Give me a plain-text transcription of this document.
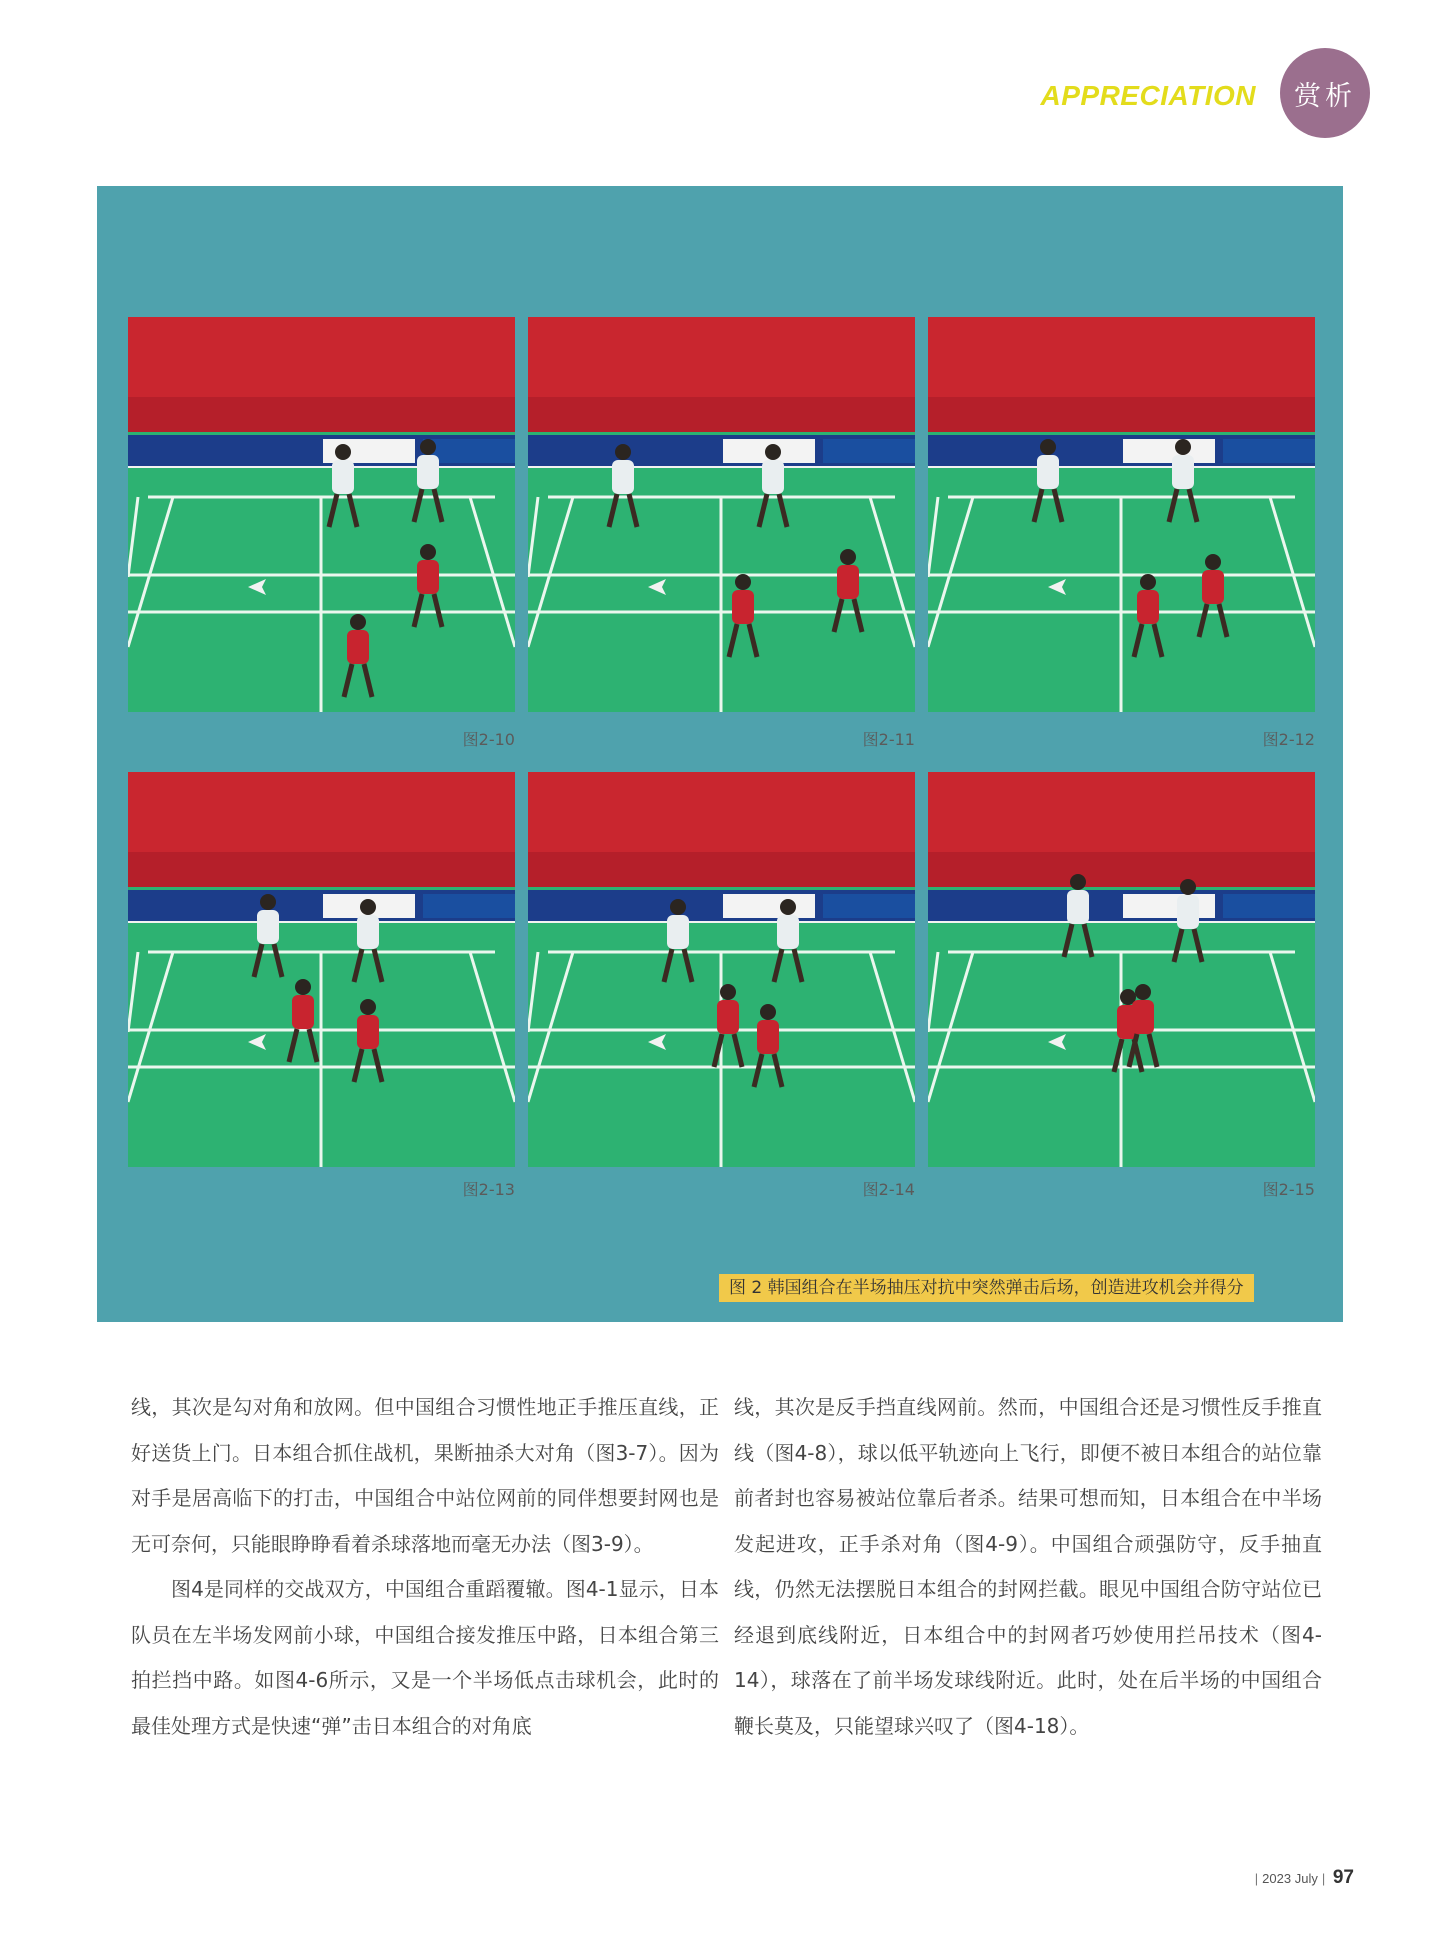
APPRECIATION	赏析
图2-10	图2-11	图2-12
图2-13	图2-14	图2-15
图 2 韩国组合在半场抽压对抗中突然弹击后场，创造进攻机会并得分

线，其次是勾对角和放网。但中国组合习惯性地正手推压直线，正好送货上门。日本组合抓住战机，果断抽杀大对角（图3-7）。因为对手是居高临下的打击，中国组合中站位网前的同伴想要封网也是无可奈何，只能眼睁睁看着杀球落地而毫无办法（图3-9）。

图4是同样的交战双方，中国组合重蹈覆辙。图4-1显示，日本队员在左半场发网前小球，中国组合接发推压中路，日本组合第三拍拦挡中路。如图4-6所示，又是一个半场低点击球机会，此时的最佳处理方式是快速“弹”击日本组合的对角底

线，其次是反手挡直线网前。然而，中国组合还是习惯性反手推直线（图4-8），球以低平轨迹向上飞行，即便不被日本组合的站位靠前者封也容易被站位靠后者杀。结果可想而知，日本组合在中半场发起进攻，正手杀对角（图4-9）。中国组合顽强防守，反手抽直线，仍然无法摆脱日本组合的封网拦截。眼见中国组合防守站位已经退到底线附近，日本组合中的封网者巧妙使用拦吊技术（图4-14），球落在了前半场发球线附近。此时，处在后半场的中国组合鞭长莫及，只能望球兴叹了（图4-18）。

| 2023 July | 97
